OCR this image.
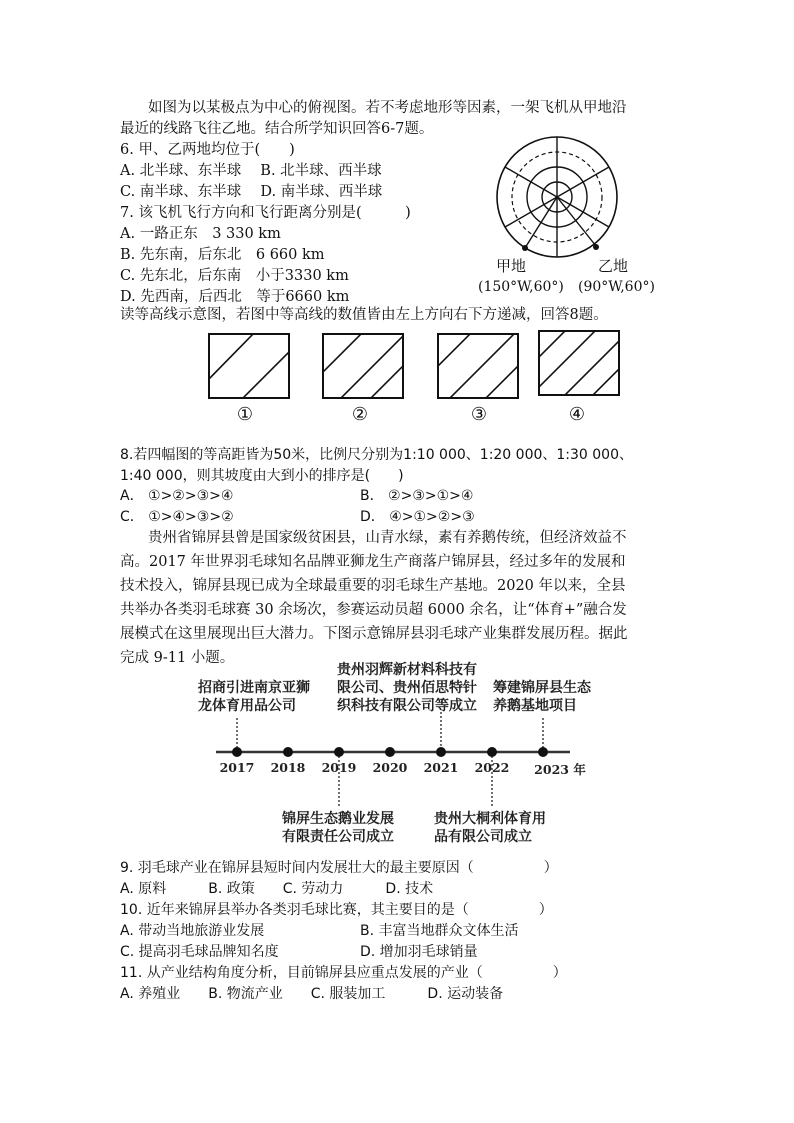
如图为以某极点为中心的俯视图。若不考虑地形等因素，一架飞机从甲地沿
最近的线路飞往乙地。结合所学知识回答6-7题。
6. 甲、乙两地均位于(　　)
A. 北半球、东半球　 B. 北半球、西半球
C. 南半球、东半球　 D. 南半球、西半球
7. 该飞机飞行方向和飞行距离分别是(　　　)
A. 一路正东　3 330 km
B. 先东南，后东北　6 660 km
C. 先东北，后东南　小于3330 km
D. 先西南，后西北　等于6660 km
甲地
(150°W,60°)
乙地
(90°W,60°)
读等高线示意图，若图中等高线的数值皆由左上方向右下方递减，回答8题。
①	②	③	④
8.若四幅图的等高距皆为50米，比例尺分别为1:10 000、1:20 000、1:30 000、
1:40 000，则其坡度由大到小的排序是(　　)
A． ①>②>③>④	B． ②>③>①>④
C． ①>④>③>②	D． ④>①>②>③
贵州省锦屏县曾是国家级贫困县，山青水绿，素有养鹅传统，但经济效益不
高。2017 年世界羽毛球知名品牌亚狮龙生产商落户锦屏县，经过多年的发展和
技术投入，锦屏县现已成为全球最重要的羽毛球生产基地。2020 年以来，全县
共举办各类羽毛球赛 30 余场次，参赛运动员超 6000 余名，让“体育+”融合发
展模式在这里展现出巨大潜力。下图示意锦屏县羽毛球产业集群发展历程。据此
完成 9-11 小题。
招商引进南京亚狮
龙体育用品公司
贵州羽辉新材料科技有
限公司、贵州佰思特针
织科技有限公司等成立
筹建锦屏县生态
养鹅基地项目
2017 2018 2019 2020 2021 2022	2023 年
锦屏生态鹅业发展
有限责任公司成立
贵州大桐利体育用
品有限公司成立
9. 羽毛球产业在锦屏县短时间内发展壮大的最主要原因（　　　　　）
A. 原料　　　B. 政策　　C. 劳动力　　　D. 技术
10. 近年来锦屏县举办各类羽毛球比赛，其主要目的是（　　　　　）
A. 带动当地旅游业发展	B. 丰富当地群众文体生活
C. 提高羽毛球品牌知名度	D. 增加羽毛球销量
11. 从产业结构角度分析，目前锦屏县应重点发展的产业（　　　　　）
A. 养殖业　　B. 物流产业　　C. 服装加工　　　D. 运动装备
